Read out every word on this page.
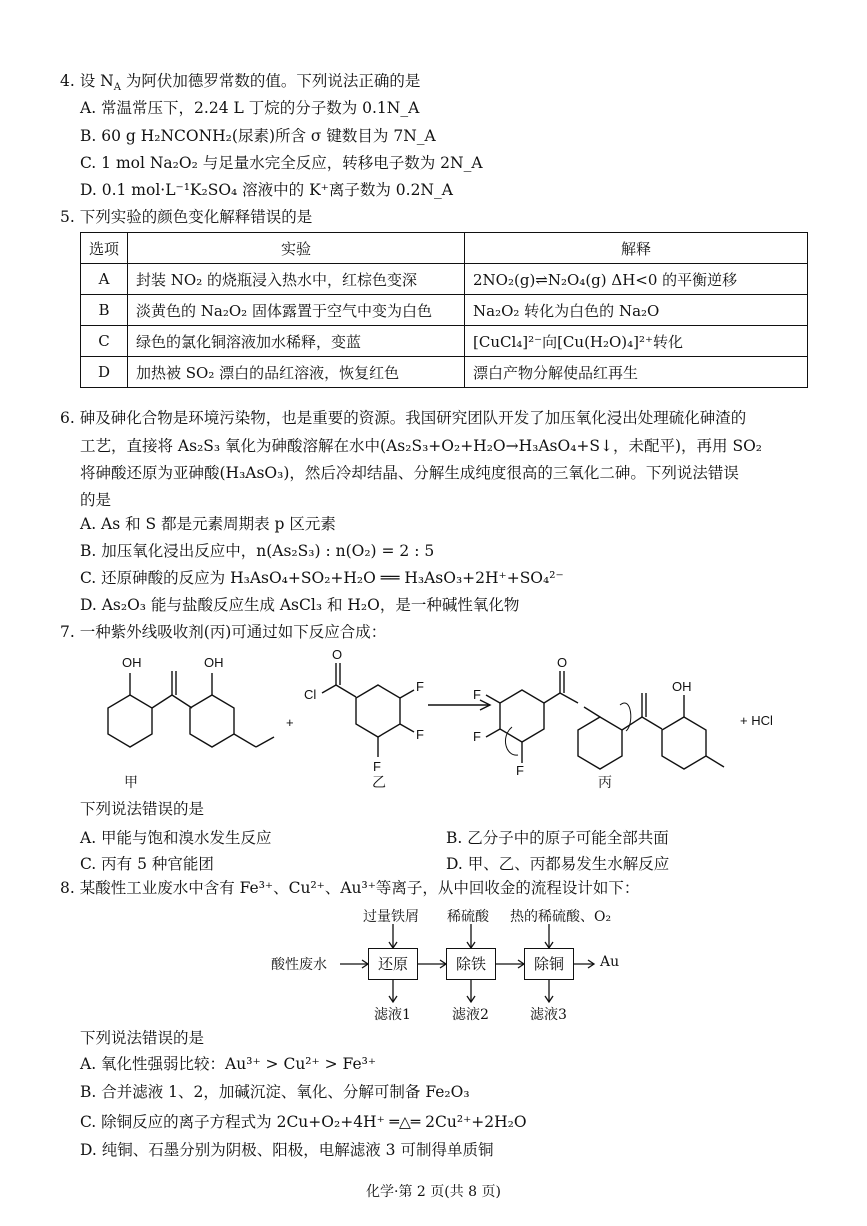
4. 设 $N_A$ 为阿伏加德罗常数的值。下列说法正确的是
A. 常温常压下，2.24 L 丁烷的分子数为 0.1N_A
B. 60 g H₂NCONH₂(尿素)所含 σ 键数目为 7N_A
C. 1 mol Na₂O₂ 与足量水完全反应，转移电子数为 2N_A
D. 0.1 mol·L⁻¹K₂SO₄ 溶液中的 K⁺离子数为 0.2N_A
5. 下列实验的颜色变化解释错误的是
选项	实验	解释
A	封装 NO₂ 的烧瓶浸入热水中，红棕色变深	2NO₂(g)⇌N₂O₄(g) ΔH<0 的平衡逆移
B	淡黄色的 Na₂O₂ 固体露置于空气中变为白色	Na₂O₂ 转化为白色的 Na₂O
C	绿色的氯化铜溶液加水稀释，变蓝	[CuCl₄]²⁻向[Cu(H₂O)₄]²⁺转化
D	加热被 SO₂ 漂白的品红溶液，恢复红色	漂白产物分解使品红再生
6. 砷及砷化合物是环境污染物，也是重要的资源。我国研究团队开发了加压氧化浸出处理硫化砷渣的
工艺，直接将 As₂S₃ 氧化为砷酸溶解在水中(As₂S₃+O₂+H₂O→H₃AsO₄+S↓，未配平)，再用 SO₂
将砷酸还原为亚砷酸(H₃AsO₃)，然后冷却结晶、分解生成纯度很高的三氧化二砷。下列说法错误
的是
A. As 和 S 都是元素周期表 p 区元素
B. 加压氧化浸出反应中，n(As₂S₃) : n(O₂) = 2 : 5
C. 还原砷酸的反应为 H₃AsO₄+SO₂+H₂O ══ H₃AsO₃+2H⁺+SO₄²⁻
D. As₂O₃ 能与盐酸反应生成 AsCl₃ 和 H₂O，是一种碱性氧化物
7. 一种紫外线吸收剂(丙)可通过如下反应合成：
OH	OH
+
O
Cl
F
F
F
O
F
F
F
OH
+ HCl
甲	乙	丙
下列说法错误的是
A. 甲能与饱和溴水发生反应	B. 乙分子中的原子可能全部共面
C. 丙有 5 种官能团	D. 甲、乙、丙都易发生水解反应
8. 某酸性工业废水中含有 Fe³⁺、Cu²⁺、Au³⁺等离子，从中回收金的流程设计如下：
酸性废水	还原	除铁	除铜	Au
过量铁屑 稀硫酸 热的稀硫酸、O₂
滤液1	滤液2	滤液3
下列说法错误的是
A. 氧化性强弱比较：Au³⁺ > Cu²⁺ > Fe³⁺
B. 合并滤液 1、2，加碱沉淀、氧化、分解可制备 Fe₂O₃
C. 除铜反应的离子方程式为 2Cu+O₂+4H⁺ ═△═ 2Cu²⁺+2H₂O
D. 纯铜、石墨分别为阴极、阳极，电解滤液 3 可制得单质铜
化学·第 2 页(共 8 页)
